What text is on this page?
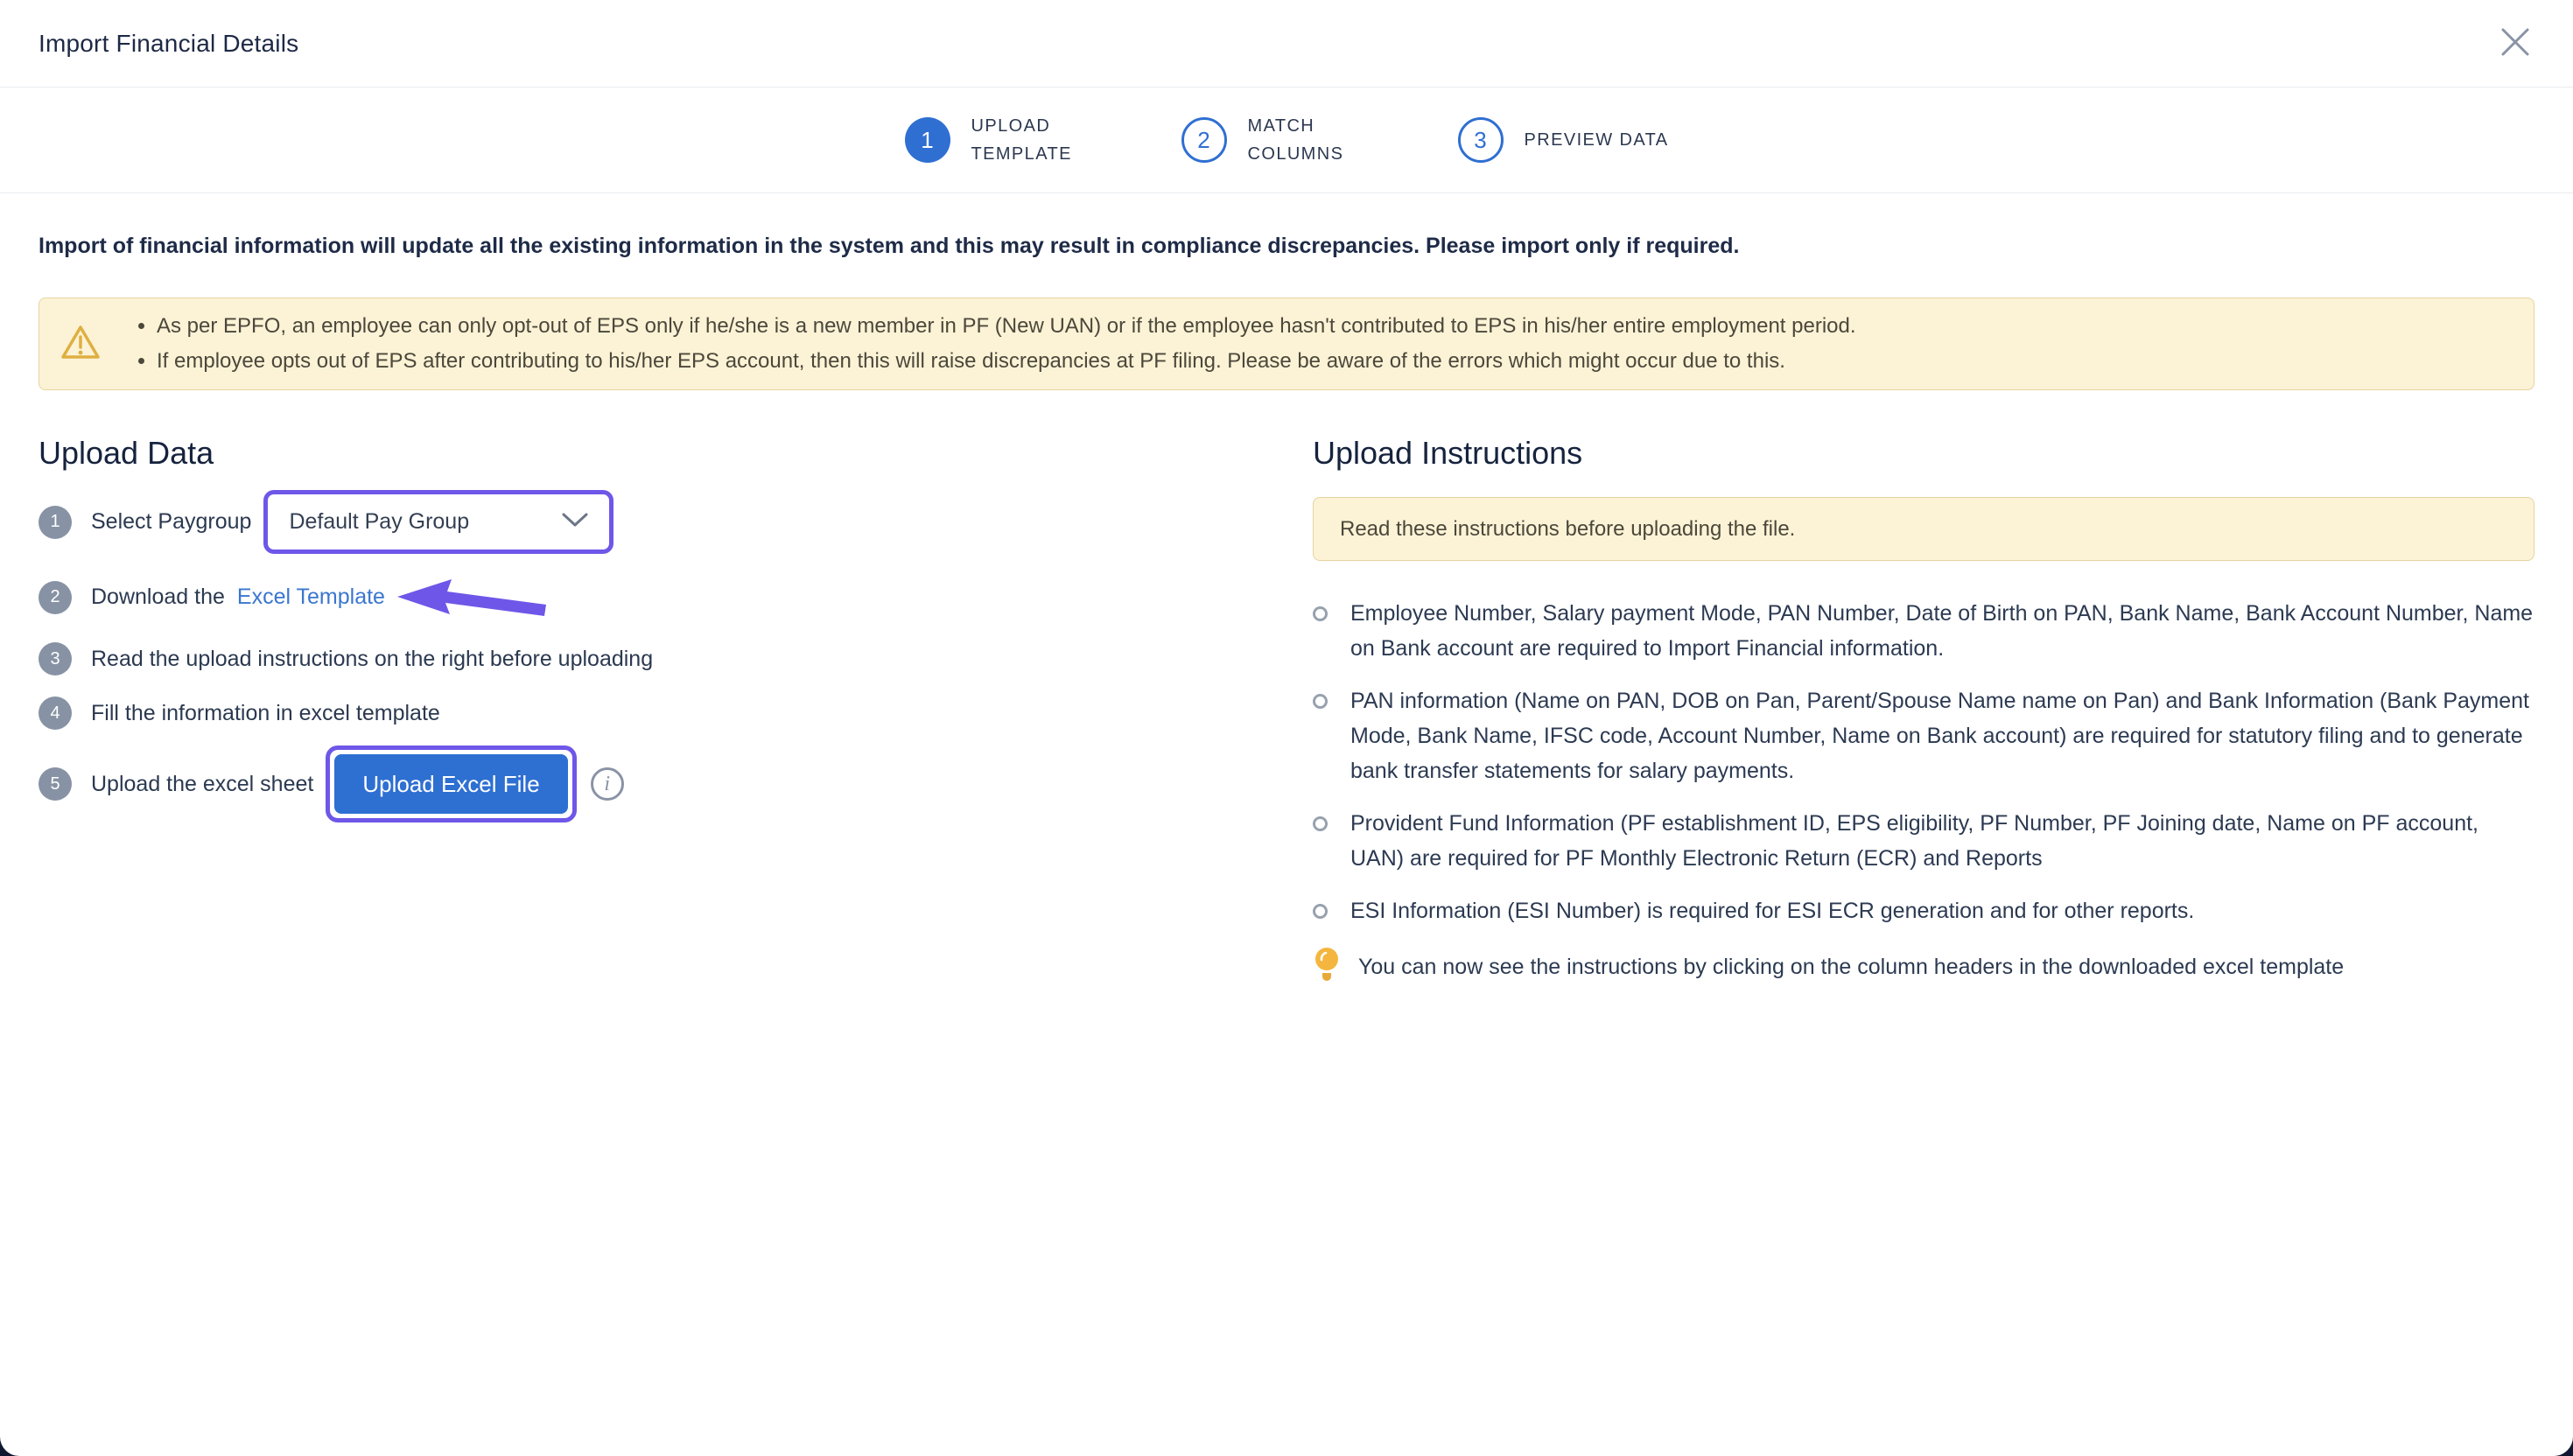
Import Financial Details
1
UPLOAD TEMPLATE
2
MATCH COLUMNS
3	PREVIEW DATA
Import of financial information will update all the existing information in the system and this may result in compliance discrepancies. Please import only if required.
• As per EPFO, an employee can only opt-out of EPS only if he/she is a new member in PF (New UAN) or if the employee hasn't contributed to EPS in his/her entire employment period.
• If employee opts out of EPS after contributing to his/her EPS account, then this will raise discrepancies at PF filing. Please be aware of the errors which might occur due to this.
Upload Data
1	Select Paygroup Default Pay Group
2	Download the Excel Template
3	Read the upload instructions on the right before uploading
4	Fill the information in excel template
5	Upload the excel sheet	Upload Excel File	i
Upload Instructions
Read these instructions before uploading the file.
Employee Number, Salary payment Mode, PAN Number, Date of Birth on PAN, Bank Name, Bank Account Number, Name on Bank account are required to Import Financial information.
PAN information (Name on PAN, DOB on Pan, Parent/Spouse Name name on Pan) and Bank Information (Bank Payment Mode, Bank Name, IFSC code, Account Number, Name on Bank account) are required for statutory filing and to generate bank transfer statements for salary payments.
Provident Fund Information (PF establishment ID, EPS eligibility, PF Number, PF Joining date, Name on PF account, UAN) are required for PF Monthly Electronic Return (ECR) and Reports
ESI Information (ESI Number) is required for ESI ECR generation and for other reports.
You can now see the instructions by clicking on the column headers in the downloaded excel template
